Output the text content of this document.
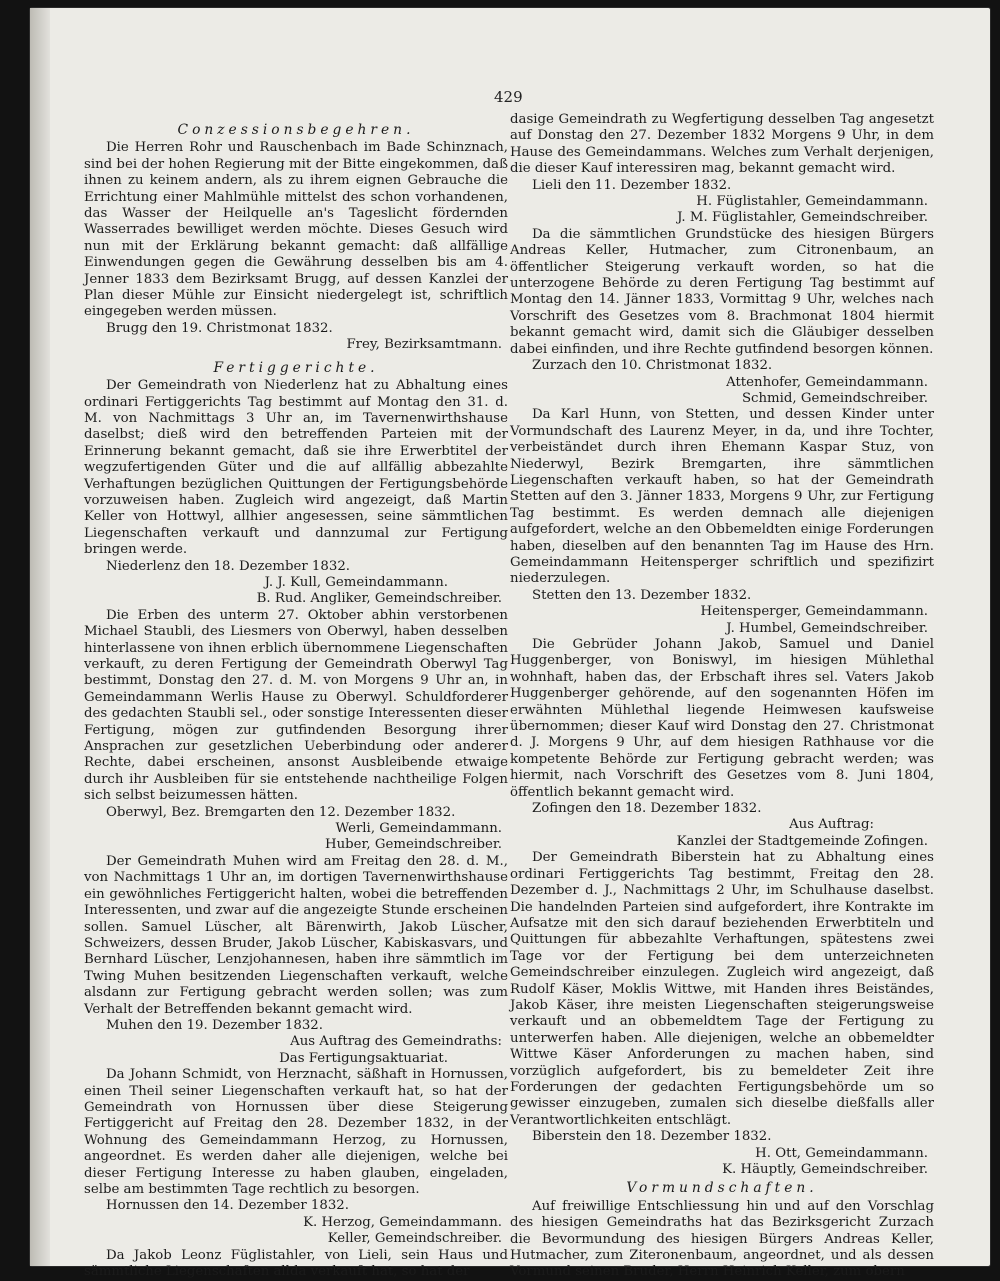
429
Conzessionsbegehren.

Die Herren Rohr und Rauschenbach im Bade Schinznach, sind bei der hohen Regierung mit der Bitte eingekommen, daß ihnen zu keinem andern, als zu ihrem eignen Gebrauche die Errichtung einer Mahlmühle mittelst des schon vorhandenen, das Wasser der Heilquelle an's Tageslicht fördernden Wasserrades bewilliget werden möchte. Dieses Gesuch wird nun mit der Erklärung bekannt gemacht: daß allfällige Einwendungen gegen die Gewährung desselben bis am 4. Jenner 1833 dem Bezirksamt Brugg, auf dessen Kanzlei der Plan dieser Mühle zur Einsicht niedergelegt ist, schriftlich eingegeben werden müssen.

Brugg den 19. Christmonat 1832.
Frey, Bezirksamtmann.
Fertiggerichte.

Der Gemeindrath von Niederlenz hat zu Abhaltung eines ordinari Fertiggerichts Tag bestimmt auf Montag den 31. d. M. von Nachmittags 3 Uhr an, im Tavernenwirthshause daselbst; dieß wird den betreffenden Parteien mit der Erinnerung bekannt gemacht, daß sie ihre Erwerbtitel der wegzufertigenden Güter und die auf allfällig abbezahlte Verhaftungen bezüglichen Quittungen der Fertigungsbehörde vorzuweisen haben. Zugleich wird angezeigt, daß Martin Keller von Hottwyl, allhier angesessen, seine sämmtlichen Liegenschaften verkauft und dannzumal zur Fertigung bringen werde.

Niederlenz den 18. Dezember 1832.
J. J. Kull, Gemeindammann.
B. Rud. Angliker, Gemeindschreiber.

Die Erben des unterm 27. Oktober abhin verstorbenen Michael Staubli, des Liesmers von Oberwyl, haben desselben hinterlassene von ihnen erblich übernommene Liegenschaften verkauft, zu deren Fertigung der Gemeindrath Oberwyl Tag bestimmt, Donstag den 27. d. M. von Morgens 9 Uhr an, in Gemeindammann Werlis Hause zu Oberwyl. Schuldforderer des gedachten Staubli sel., oder sonstige Interessenten dieser Fertigung, mögen zur gutfindenden Besorgung ihrer Ansprachen zur gesetzlichen Ueberbindung oder anderer Rechte, dabei erscheinen, ansonst Ausbleibende etwaige durch ihr Ausbleiben für sie entstehende nachtheilige Folgen sich selbst beizumessen hätten.

Oberwyl, Bez. Bremgarten den 12. Dezember 1832.
Werli, Gemeindammann.
Huber, Gemeindschreiber.

Der Gemeindrath Muhen wird am Freitag den 28. d. M., von Nachmittags 1 Uhr an, im dortigen Tavernenwirthshause ein gewöhnliches Fertiggericht halten, wobei die betreffenden Interessenten, und zwar auf die angezeigte Stunde erscheinen sollen. Samuel Lüscher, alt Bärenwirth, Jakob Lüscher, Schweizers, dessen Bruder, Jakob Lüscher, Kabiskasvars, und Bernhard Lüscher, Lenzjohannesen, haben ihre sämmtlich im Twing Muhen besitzenden Liegenschaften verkauft, welche alsdann zur Fertigung gebracht werden sollen; was zum Verhalt der Betreffenden bekannt gemacht wird.

Muhen den 19. Dezember 1832.
Aus Auftrag des Gemeindraths:
Das Fertigungsaktuariat.

Da Johann Schmidt, von Herznacht, säßhaft in Hornussen, einen Theil seiner Liegenschaften verkauft hat, so hat der Gemeindrath von Hornussen über diese Steigerung Fertiggericht auf Freitag den 28. Dezember 1832, in der Wohnung des Gemeindammann Herzog, zu Hornussen, angeordnet. Es werden daher alle diejenigen, welche bei dieser Fertigung Interesse zu haben glauben, eingeladen, selbe am bestimmten Tage rechtlich zu besorgen.

Hornussen den 14. Dezember 1832.
K. Herzog, Gemeindammann.
Keller, Gemeindschreiber.

Da Jakob Leonz Füglistahler, von Lieli, sein Haus und sämmtliche Liegenschaften allda verkauft hat, so hat der

dasige Gemeindrath zu Wegfertigung desselben Tag angesetzt auf Donstag den 27. Dezember 1832 Morgens 9 Uhr, in dem Hause des Gemeindammans. Welches zum Verhalt derjenigen, die dieser Kauf interessiren mag, bekannt gemacht wird.

Lieli den 11. Dezember 1832.
H. Füglistahler, Gemeindammann.
J. M. Füglistahler, Gemeindschreiber.

Da die sämmtlichen Grundstücke des hiesigen Bürgers Andreas Keller, Hutmacher, zum Citronenbaum, an öffentlicher Steigerung verkauft worden, so hat die unterzogene Behörde zu deren Fertigung Tag bestimmt auf Montag den 14. Jänner 1833, Vormittag 9 Uhr, welches nach Vorschrift des Gesetzes vom 8. Brachmonat 1804 hiermit bekannt gemacht wird, damit sich die Gläubiger desselben dabei einfinden, und ihre Rechte gutfindend besorgen können.

Zurzach den 10. Christmonat 1832.
Attenhofer, Gemeindammann.
Schmid, Gemeindschreiber.

Da Karl Hunn, von Stetten, und dessen Kinder unter Vormundschaft des Laurenz Meyer, in da, und ihre Tochter, verbeiständet durch ihren Ehemann Kaspar Stuz, von Niederwyl, Bezirk Bremgarten, ihre sämmtlichen Liegenschaften verkauft haben, so hat der Gemeindrath Stetten auf den 3. Jänner 1833, Morgens 9 Uhr, zur Fertigung Tag bestimmt. Es werden demnach alle diejenigen aufgefordert, welche an den Obbemeldten einige Forderungen haben, dieselben auf den benannten Tag im Hause des Hrn. Gemeindammann Heitensperger schriftlich und spezifizirt niederzulegen.

Stetten den 13. Dezember 1832.
Heitensperger, Gemeindammann.
J. Humbel, Gemeindschreiber.

Die Gebrüder Johann Jakob, Samuel und Daniel Huggenberger, von Boniswyl, im hiesigen Mühlethal wohnhaft, haben das, der Erbschaft ihres sel. Vaters Jakob Huggenberger gehörende, auf den sogenannten Höfen im erwähnten Mühlethal liegende Heimwesen kaufsweise übernommen; dieser Kauf wird Donstag den 27. Christmonat d. J. Morgens 9 Uhr, auf dem hiesigen Rathhause vor die kompetente Behörde zur Fertigung gebracht werden; was hiermit, nach Vorschrift des Gesetzes vom 8. Juni 1804, öffentlich bekannt gemacht wird.

Zofingen den 18. Dezember 1832.
Aus Auftrag:
Kanzlei der Stadtgemeinde Zofingen.

Der Gemeindrath Biberstein hat zu Abhaltung eines ordinari Fertiggerichts Tag bestimmt, Freitag den 28. Dezember d. J., Nachmittags 2 Uhr, im Schulhause daselbst. Die handelnden Parteien sind aufgefordert, ihre Kontrakte im Aufsatze mit den sich darauf beziehenden Erwerbtiteln und Quittungen für abbezahlte Verhaftungen, spätestens zwei Tage vor der Fertigung bei dem unterzeichneten Gemeindschreiber einzulegen. Zugleich wird angezeigt, daß Rudolf Käser, Moklis Wittwe, mit Handen ihres Beiständes, Jakob Käser, ihre meisten Liegenschaften steigerungsweise verkauft und an obbemeldtem Tage der Fertigung zu unterwerfen haben. Alle diejenigen, welche an obbemeldter Wittwe Käser Anforderungen zu machen haben, sind vorzüglich aufgefordert, bis zu bemeldeter Zeit ihre Forderungen der gedachten Fertigungsbehörde um so gewisser einzugeben, zumalen sich dieselbe dießfalls aller Verantwortlichkeiten entschlägt.

Biberstein den 18. Dezember 1832.
H. Ott, Gemeindammann.
K. Häuptly, Gemeindschreiber.
Vormundschaften.

Auf freiwillige Entschliessung hin und auf den Vorschlag des hiesigen Gemeindraths hat das Bezirksgericht Zurzach die Bevormundung des hiesigen Bürgers Andreas Keller, Hutmacher, zum Ziteronenbaum, angeordnet, und als dessen Vormund seinen Bruder, Herrn Heinrich Keller, zum obern
